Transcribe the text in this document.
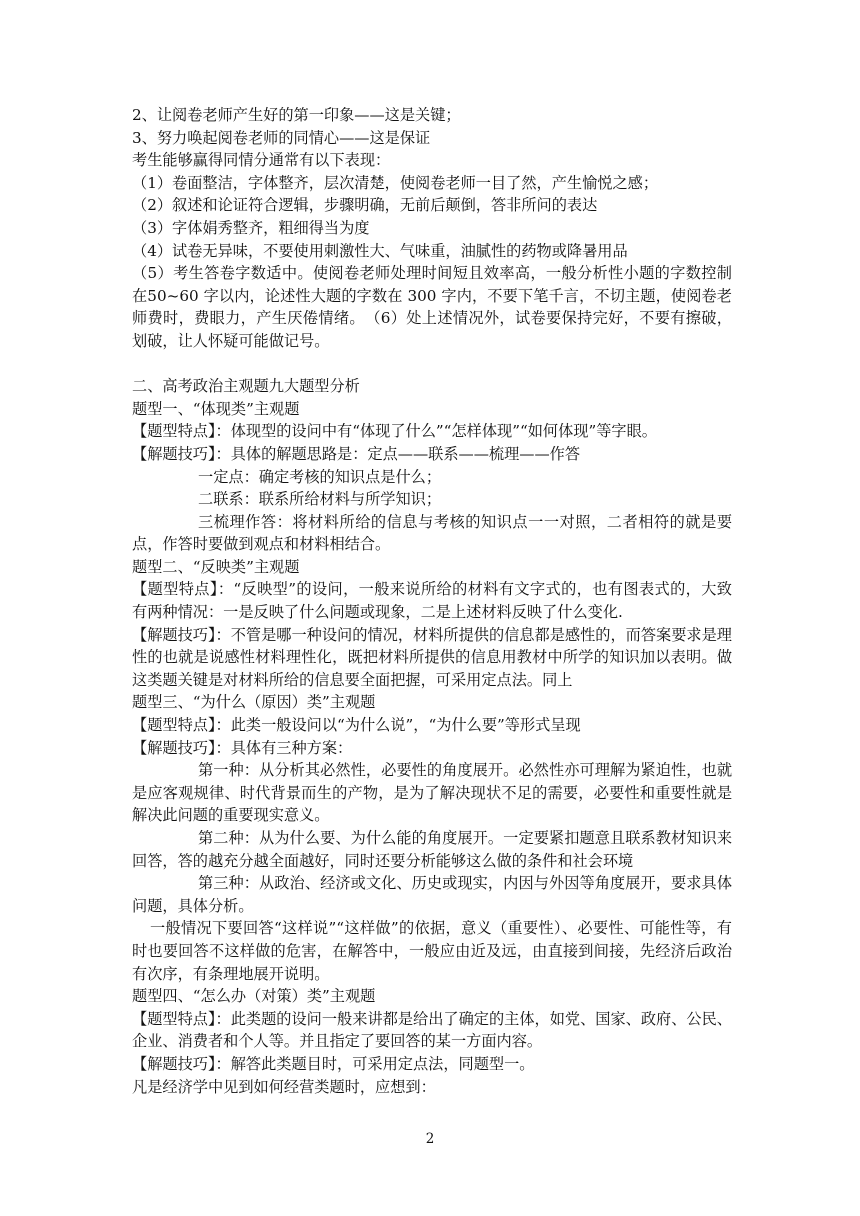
2、让阅卷老师产生好的第一印象——这是关键；
3、努力唤起阅卷老师的同情心——这是保证
考生能够赢得同情分通常有以下表现：
（1）卷面整洁，字体整齐，层次清楚，使阅卷老师一目了然，产生愉悦之感；
（2）叙述和论证符合逻辑，步骤明确，无前后颠倒，答非所问的表达
（3）字体娟秀整齐，粗细得当为度
（4）试卷无异味，不要使用刺激性大、气味重，油腻性的药物或降暑用品
（5）考生答卷字数适中。使阅卷老师处理时间短且效率高，一般分析性小题的字数控制在50~60 字以内，论述性大题的字数在 300 字内，不要下笔千言，不切主题，使阅卷老师费时，费眼力，产生厌倦情绪。　（6）处上述情况外，试卷要保持完好，不要有擦破，划破，让人怀疑可能做记号。
二、高考政治主观题九大题型分析
题型一、“体现类”主观题
【题型特点】：体现型的设问中有“体现了什么”“怎样体现”“如何体现”等字眼。
【解题技巧】：具体的解题思路是：定点——联系——梳理——作答
一定点：确定考核的知识点是什么；
二联系：联系所给材料与所学知识；
三梳理作答：将材料所给的信息与考核的知识点一一对照，二者相符的就是要点，作答时要做到观点和材料相结合。
题型二、“反映类”主观题
【题型特点】：“反映型”的设问，一般来说所给的材料有文字式的，也有图表式的，大致有两种情况：一是反映了什么问题或现象，二是上述材料反映了什么变化.
【解题技巧】：不管是哪一种设问的情况，材料所提供的信息都是感性的，而答案要求是理性的也就是说感性材料理性化，既把材料所提供的信息用教材中所学的知识加以表明。做这类题关键是对材料所给的信息要全面把握，可采用定点法。同上
题型三、“为什么（原因）类”主观题
【题型特点】：此类一般设问以“为什么说”，“为什么要”等形式呈现
【解题技巧】：具体有三种方案：
第一种：从分析其必然性，必要性的角度展开。必然性亦可理解为紧迫性，也就是应客观规律、时代背景而生的产物，是为了解决现状不足的需要，必要性和重要性就是解决此问题的重要现实意义。
第二种：从为什么要、为什么能的角度展开。一定要紧扣题意且联系教材知识来回答，答的越充分越全面越好，同时还要分析能够这么做的条件和社会环境
第三种：从政治、经济或文化、历史或现实，内因与外因等角度展开，要求具体问题，具体分析。
一般情况下要回答“这样说”“这样做”的依据，意义（重要性）、必要性、可能性等，有时也要回答不这样做的危害，在解答中，一般应由近及远，由直接到间接，先经济后政治有次序，有条理地展开说明。
题型四、“怎么办（对策）类”主观题
【题型特点】：此类题的设问一般来讲都是给出了确定的主体，如党、国家、政府、公民、企业、消费者和个人等。并且指定了要回答的某一方面内容。
【解题技巧】：解答此类题目时，可采用定点法，同题型一。
凡是经济学中见到如何经营类题时，应想到：
2
